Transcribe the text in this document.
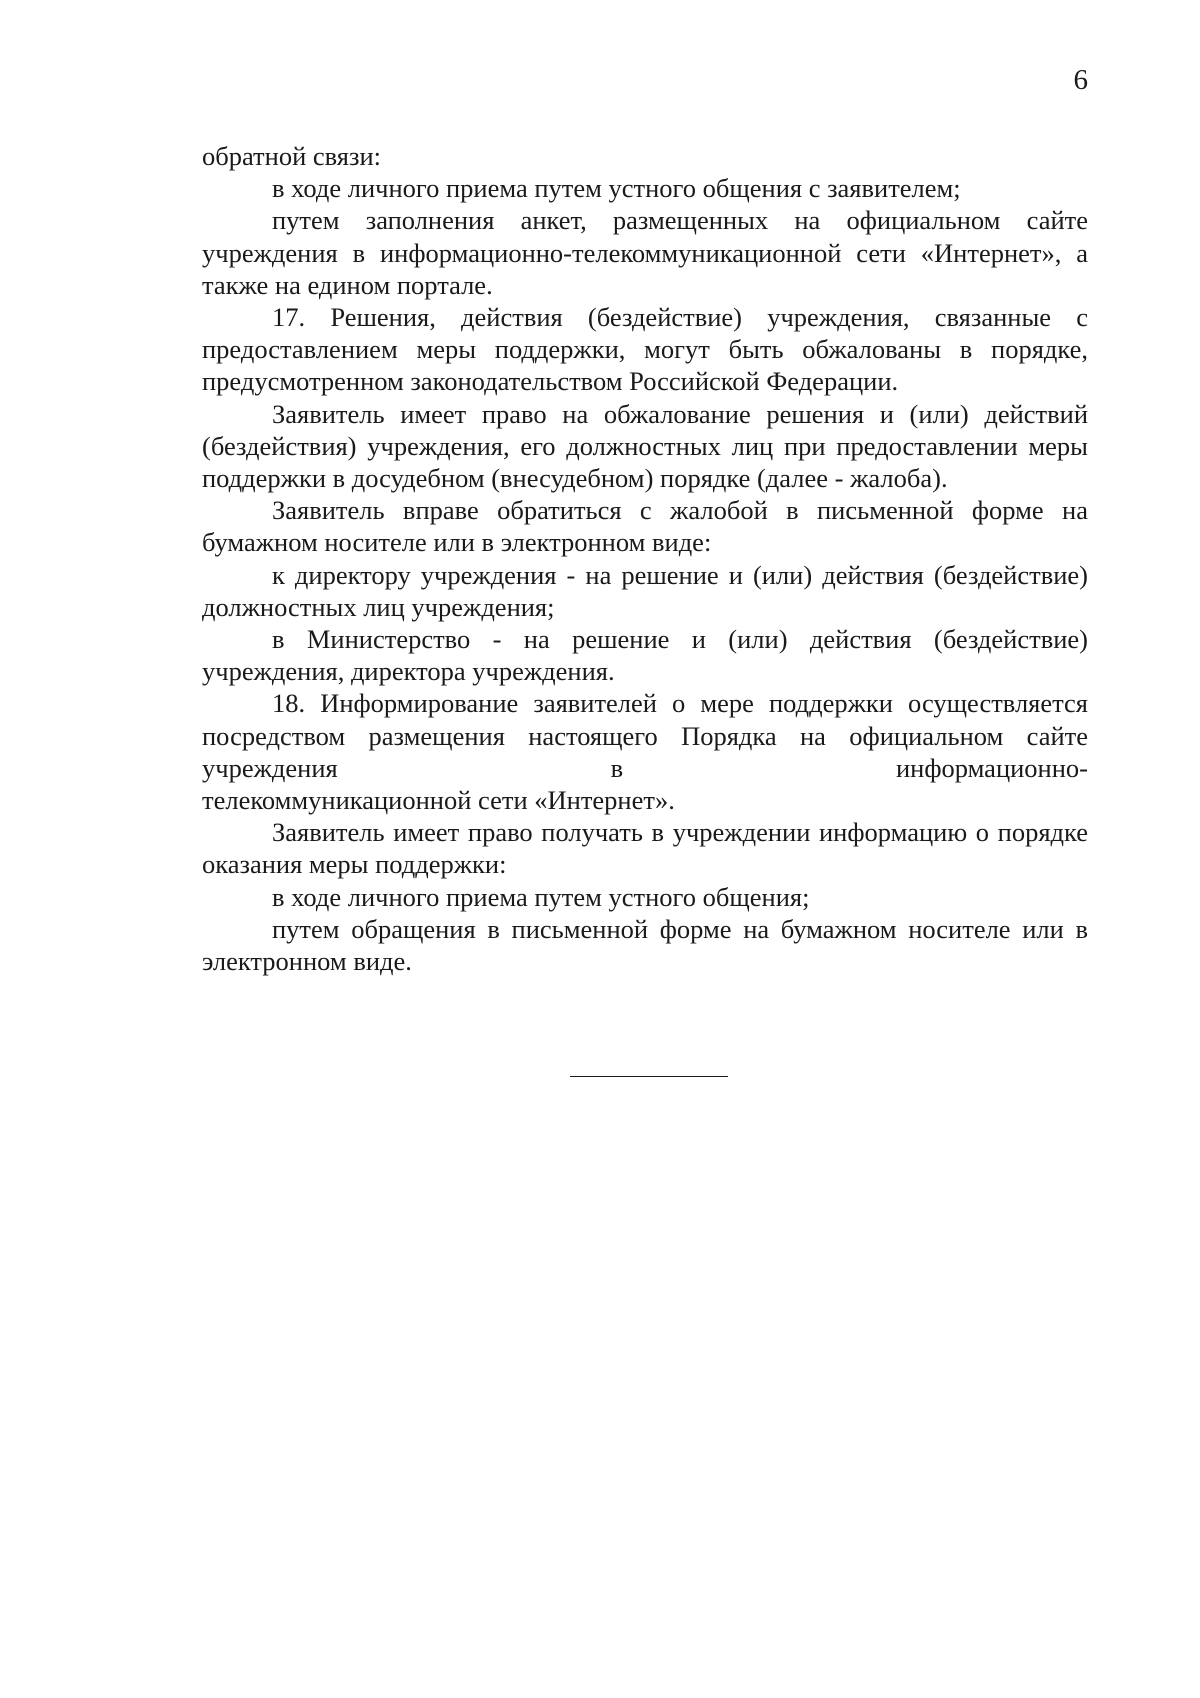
6

обратной связи:

в ходе личного приема путем устного общения с заявителем;

путем заполнения анкет, размещенных на официальном сайте учреждения в информационно-телекоммуникационной сети «Интернет», а также на едином портале.

17. Решения, действия (бездействие) учреждения, связанные с предоставлением меры поддержки, могут быть обжалованы в порядке, предусмотренном законодательством Российской Федерации.

Заявитель имеет право на обжалование решения и (или) действий (бездействия) учреждения, его должностных лиц при предоставлении меры поддержки в досудебном (внесудебном) порядке (далее - жалоба).

Заявитель вправе обратиться с жалобой в письменной форме на бумажном носителе или в электронном виде:

к директору учреждения - на решение и (или) действия (бездействие) должностных лиц учреждения;

в Министерство - на решение и (или) действия (бездействие) учреждения, директора учреждения.

18. Информирование заявителей о мере поддержки осуществляется посредством размещения настоящего Порядка на официальном сайте учреждения в информационно-

телекоммуникационной сети «Интернет».

Заявитель имеет право получать в учреждении информацию о порядке оказания меры поддержки:

в ходе личного приема путем устного общения;

путем обращения в письменной форме на бумажном носителе или в электронном виде.
